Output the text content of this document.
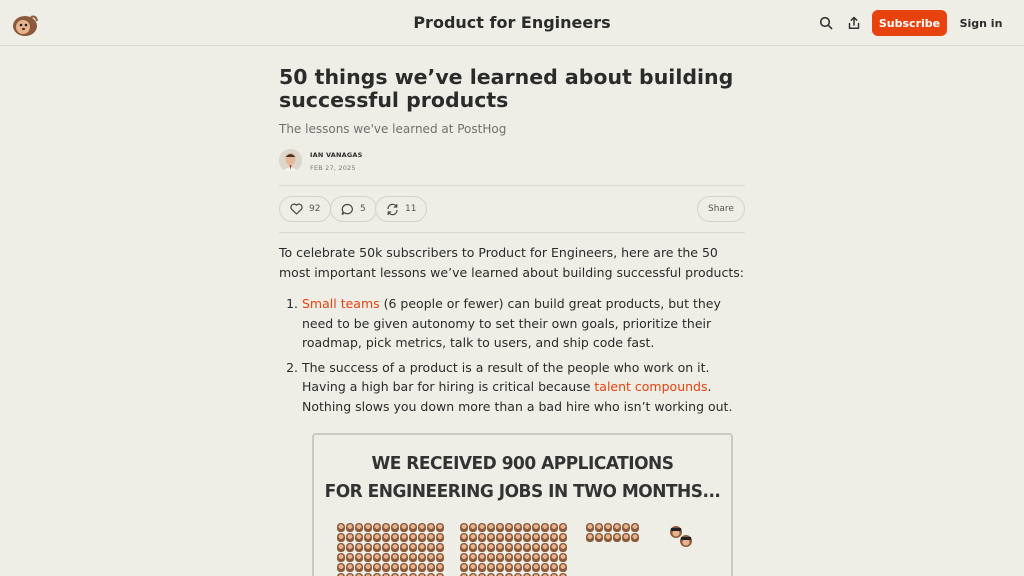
Product for Engineers	Subscribe	Sign in
50 things we’ve learned about building successful products
The lessons we've learned at PostHog
IAN VANAGAS
FEB 27, 2025
92	5	11	Share

To celebrate 50k subscribers to Product for Engineers, here are the 50 most important lessons we’ve learned about building successful products:

1. Small teams (6 people or fewer) can build great products, but they need to be given autonomy to set their own goals, prioritize their roadmap, pick metrics, talk to users, and ship code fast.
2. The success of a product is a result of the people who work on it. Having a high bar for hiring is critical because talent compounds. Nothing slows you down more than a bad hire who isn’t working out.
WE RECEIVED 900 APPLICATIONS
FOR ENGINEERING JOBS IN TWO MONTHS...
